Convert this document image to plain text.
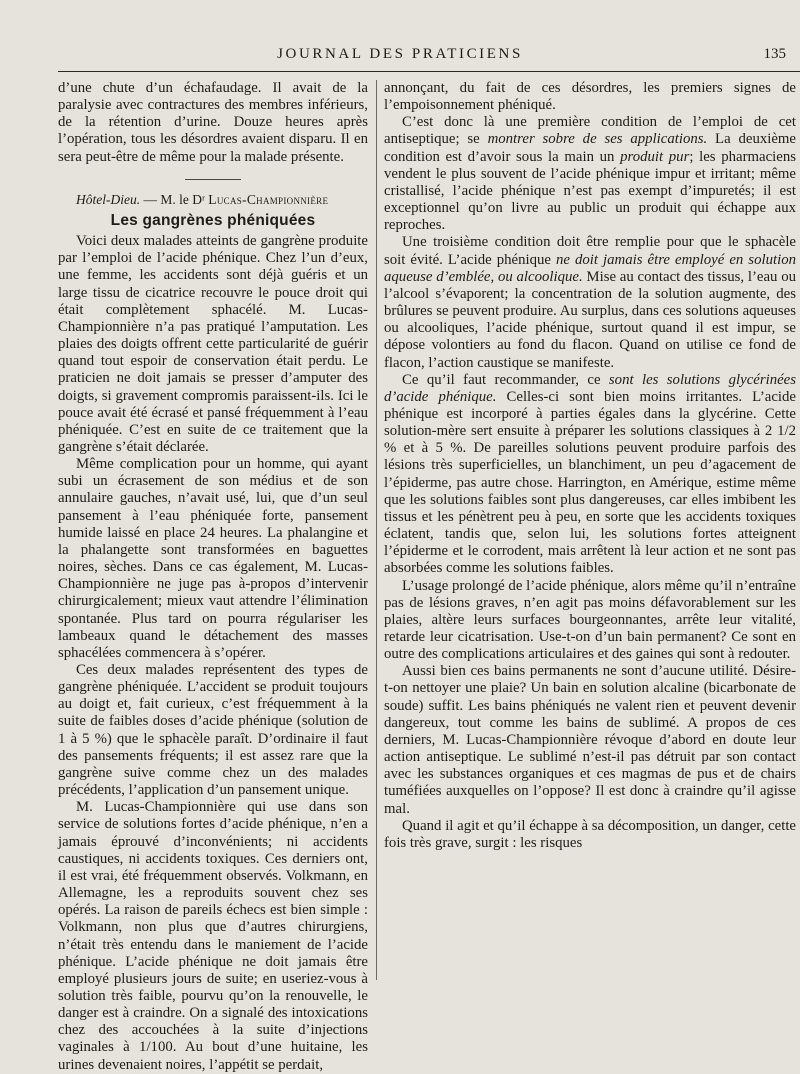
JOURNAL DES PRATICIENS	135

d’une chute d’un échafaudage. Il avait de la paralysie avec contractures des membres inférieurs, de la rétention d’urine. Douze heures après l’opération, tous les désordres avaient disparu. Il en sera peut-être de même pour la malade présente.

Hôtel-Dieu. — M. le Dʳ Lucas-Championnière

Les gangrènes phéniquées

Voici deux malades atteints de gangrène produite par l’emploi de l’acide phénique. Chez l’un d’eux, une femme, les accidents sont déjà guéris et un large tissu de cicatrice recouvre le pouce droit qui était complètement sphacélé. M. Lucas-Championnière n’a pas pratiqué l’amputation. Les plaies des doigts offrent cette particularité de guérir quand tout espoir de conservation était perdu. Le praticien ne doit jamais se presser d’amputer des doigts, si gravement compromis paraissent-ils. Ici le pouce avait été écrasé et pansé fréquemment à l’eau phéniquée. C’est en suite de ce traitement que la gangrène s’était déclarée.

Même complication pour un homme, qui ayant subi un écrasement de son médius et de son annulaire gauches, n’avait usé, lui, que d’un seul pansement à l’eau phéniquée forte, pansement humide laissé en place 24 heures. La phalangine et la phalangette sont transformées en baguettes noires, sèches. Dans ce cas également, M. Lucas-Championnière ne juge pas à-propos d’intervenir chirurgicalement; mieux vaut attendre l’élimination spontanée. Plus tard on pourra régulariser les lambeaux quand le détachement des masses sphacélées commencera à s’opérer.

Ces deux malades représentent des types de gangrène phéniquée. L’accident se produit toujours au doigt et, fait curieux, c’est fréquemment à la suite de faibles doses d’acide phénique (solution de 1 à 5 %) que le sphacèle paraît. D’ordinaire il faut des pansements fréquents; il est assez rare que la gangrène suive comme chez un des malades précédents, l’application d’un pansement unique.

M. Lucas-Championnière qui use dans son service de solutions fortes d’acide phénique, n’en a jamais éprouvé d’inconvénients; ni accidents caustiques, ni accidents toxiques. Ces derniers ont, il est vrai, été fréquemment observés. Volkmann, en Allemagne, les a reproduits souvent chez ses opérés. La raison de pareils échecs est bien simple : Volkmann, non plus que d’autres chirurgiens, n’était très entendu dans le maniement de l’acide phénique. L’acide phénique ne doit jamais être employé plusieurs jours de suite; en useriez-vous à solution très faible, pourvu qu’on la renouvelle, le danger est à craindre. On a signalé des intoxications chez des accouchées à la suite d’injections vaginales à 1/100. Au bout d’une huitaine, les urines devenaient noires, l’appétit se perdait,

annonçant, du fait de ces désordres, les premiers signes de l’empoisonnement phéniqué.

C’est donc là une première condition de l’emploi de cet antiseptique; se montrer sobre de ses applications. La deuxième condition est d’avoir sous la main un produit pur; les pharmaciens vendent le plus souvent de l’acide phénique impur et irritant; même cristallisé, l’acide phénique n’est pas exempt d’impuretés; il est exceptionnel qu’on livre au public un produit qui échappe aux reproches.

Une troisième condition doit être remplie pour que le sphacèle soit évité. L’acide phénique ne doit jamais être employé en solution aqueuse d’emblée, ou alcoolique. Mise au contact des tissus, l’eau ou l’alcool s’évaporent; la concentration de la solution augmente, des brûlures se peuvent produire. Au surplus, dans ces solutions aqueuses ou alcooliques, l’acide phénique, surtout quand il est impur, se dépose volontiers au fond du flacon. Quand on utilise ce fond de flacon, l’action caustique se manifeste.

Ce qu’il faut recommander, ce sont les solutions glycérinées d’acide phénique. Celles-ci sont bien moins irritantes. L’acide phénique est incorporé à parties égales dans la glycérine. Cette solution-mère sert ensuite à préparer les solutions classiques à 2 1/2 % et à 5 %. De pareilles solutions peuvent produire parfois des lésions très superficielles, un blanchiment, un peu d’agacement de l’épiderme, pas autre chose. Harrington, en Amérique, estime même que les solutions faibles sont plus dangereuses, car elles imbibent les tissus et les pénètrent peu à peu, en sorte que les accidents toxiques éclatent, tandis que, selon lui, les solutions fortes atteignent l’épiderme et le corrodent, mais arrêtent là leur action et ne sont pas absorbées comme les solutions faibles.

L’usage prolongé de l’acide phénique, alors même qu’il n’entraîne pas de lésions graves, n’en agit pas moins défavorablement sur les plaies, altère leurs surfaces bourgeonnantes, arrête leur vitalité, retarde leur cicatrisation. Use-t-on d’un bain permanent? Ce sont en outre des complications articulaires et des gaines qui sont à redouter.

Aussi bien ces bains permanents ne sont d’aucune utilité. Désire-t-on nettoyer une plaie? Un bain en solution alcaline (bicarbonate de soude) suffit. Les bains phéniqués ne valent rien et peuvent devenir dangereux, tout comme les bains de sublimé. A propos de ces derniers, M. Lucas-Championnière révoque d’abord en doute leur action antiseptique. Le sublimé n’est-il pas détruit par son contact avec les substances organiques et ces magmas de pus et de chairs tuméfiées auxquelles on l’oppose? Il est donc à craindre qu’il agisse mal.

Quand il agit et qu’il échappe à sa décomposition, un danger, cette fois très grave, surgit : les risques
